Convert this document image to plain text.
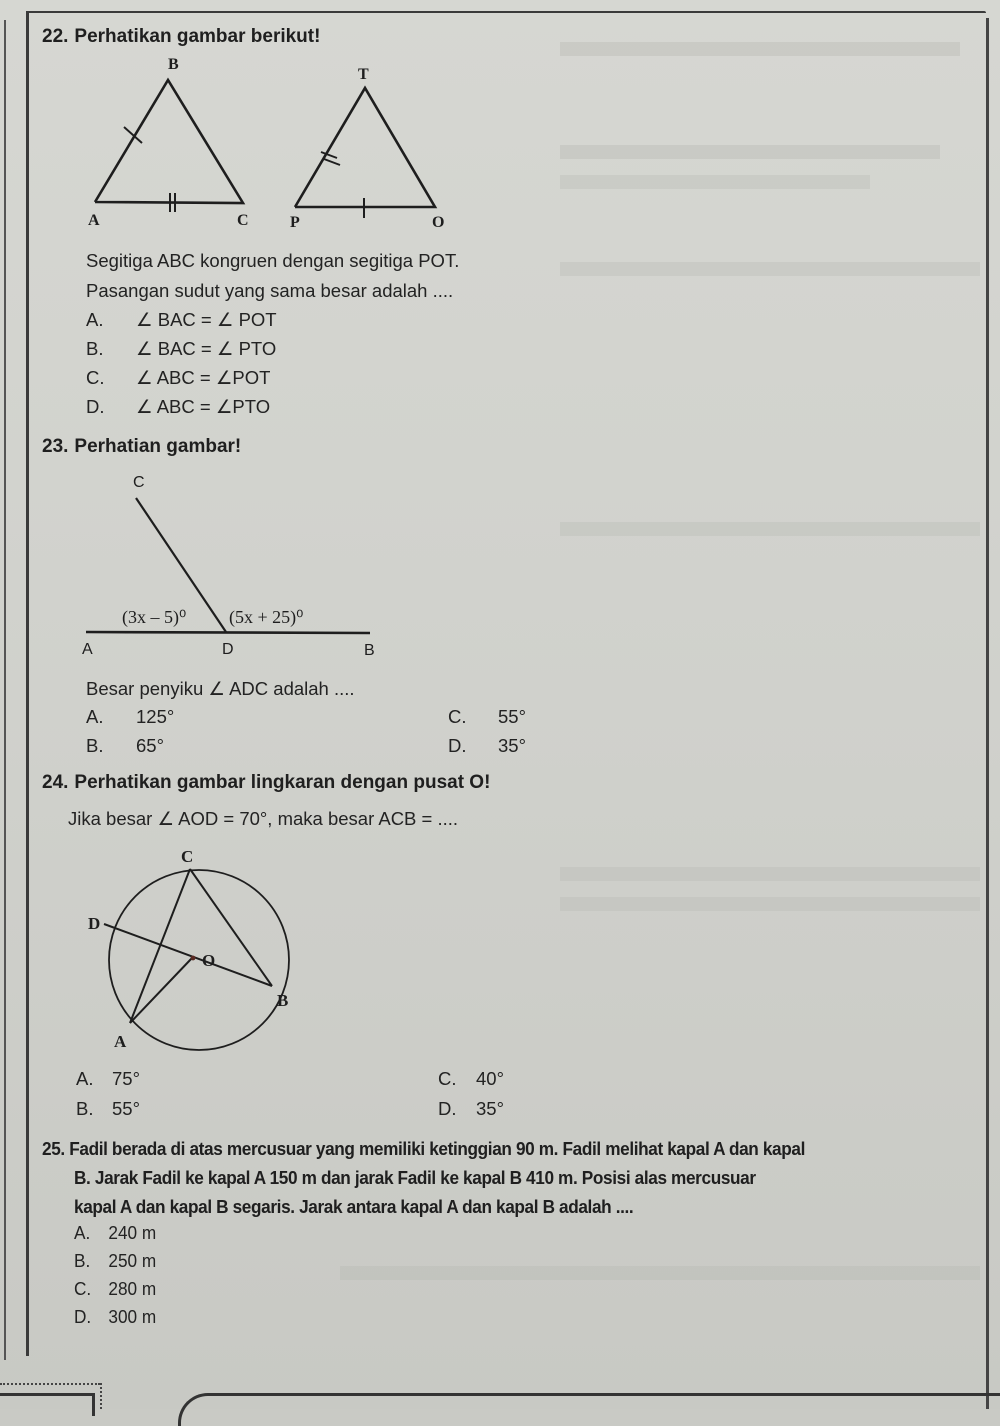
22. Perhatikan gambar berikut!
B
A	C
T
P	O
Segitiga ABC kongruen dengan segitiga POT.
Pasangan sudut yang sama besar adalah ....
A. ∠ BAC = ∠ POT
B. ∠ BAC = ∠ PTO
C. ∠ ABC = ∠POT
D. ∠ ABC = ∠PTO
23. Perhatian gambar!
C
(3x – 5)⁰ (5x + 25)⁰
A	D	B
Besar penyiku ∠ ADC adalah ....
A. 125°
B. 65°
C. 55°
D. 35°
24. Perhatikan gambar lingkaran dengan pusat O!
Jika besar ∠ AOD = 70°, maka besar ACB = ....
C
D
O
B
A
A. 75°
B. 55°
C. 40°
D. 35°
25. Fadil berada di atas mercusuar yang memiliki ketinggian 90 m. Fadil melihat kapal A dan kapal
B. Jarak Fadil ke kapal A 150 m dan jarak Fadil ke kapal B 410 m. Posisi alas mercusuar
kapal A dan kapal B segaris. Jarak antara kapal A dan kapal B adalah ....
A. 240 m
B. 250 m
C. 280 m
D. 300 m
